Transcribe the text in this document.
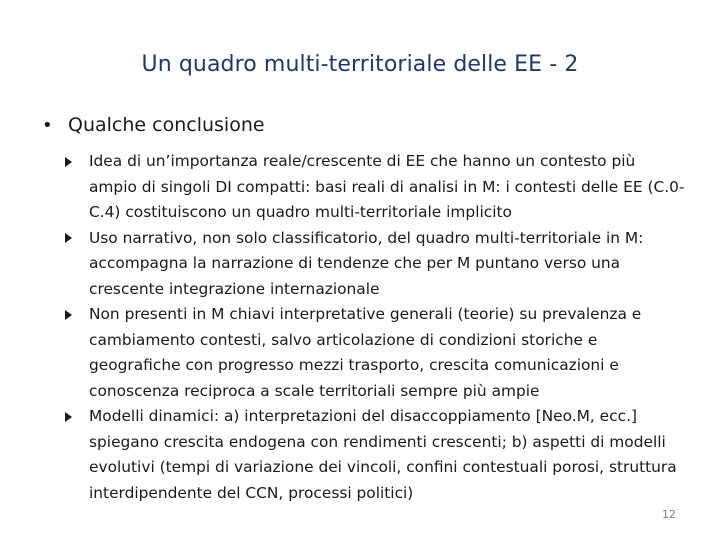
Un quadro multi-territoriale delle EE - 2
• Qualche conclusione
Idea di un’importanza reale/crescente di EE che hanno un contesto più ampio di singoli DI compatti: basi reali di analisi in M: i contesti delle EE (C.0-C.4) costituiscono un quadro multi-territoriale implicito
Uso narrativo, non solo classificatorio, del quadro multi-territoriale in M: accompagna la narrazione di tendenze che per M puntano verso una crescente integrazione internazionale
Non presenti in M chiavi interpretative generali (teorie) su prevalenza e cambiamento contesti, salvo articolazione di condizioni storiche e geografiche con progresso mezzi trasporto, crescita comunicazioni e conoscenza reciproca a scale territoriali sempre più ampie
Modelli dinamici: a) interpretazioni del disaccoppiamento [Neo.M, ecc.] spiegano crescita endogena con rendimenti crescenti; b) aspetti di modelli evolutivi (tempi di variazione dei vincoli, confini contestuali porosi, struttura interdipendente del CCN, processi politici)
12
